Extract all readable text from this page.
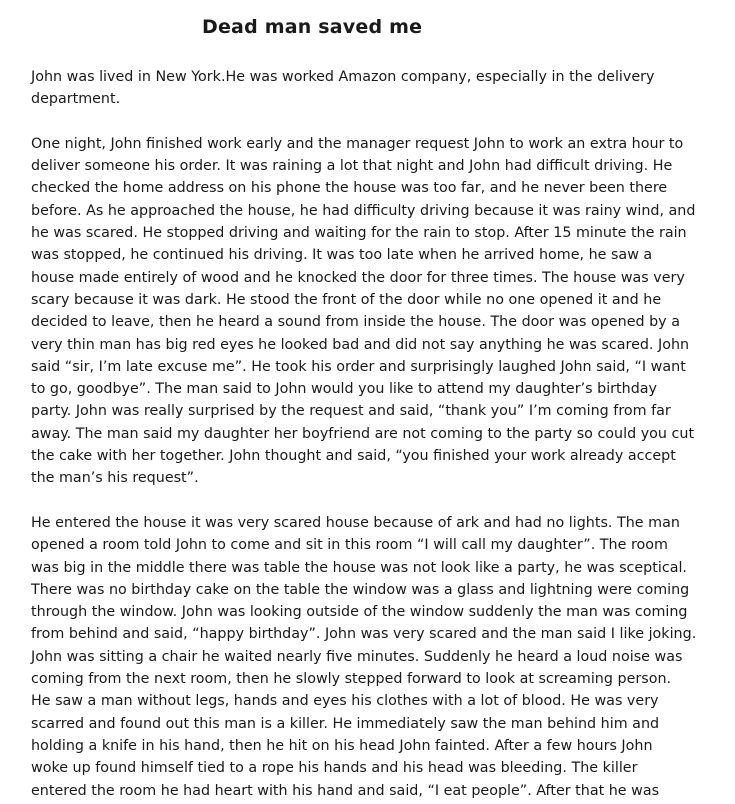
Dead man saved me
John was lived in New York.He was worked Amazon company, especially in the delivery
department.
One night, John finished work early and the manager request John to work an extra hour to
deliver someone his order. It was raining a lot that night and John had difficult driving. He
checked the home address on his phone the house was too far, and he never been there
before. As he approached the house, he had difficulty driving because it was rainy wind, and
he was scared. He stopped driving and waiting for the rain to stop. After 15 minute the rain
was stopped, he continued his driving. It was too late when he arrived home, he saw a
house made entirely of wood and he knocked the door for three times. The house was very
scary because it was dark. He stood the front of the door while no one opened it and he
decided to leave, then he heard a sound from inside the house. The door was opened by a
very thin man has big red eyes he looked bad and did not say anything he was scared. John
said “sir, I’m late excuse me”. He took his order and surprisingly laughed John said, “I want
to go, goodbye”. The man said to John would you like to attend my daughter’s birthday
party. John was really surprised by the request and said, “thank you” I’m coming from far
away. The man said my daughter her boyfriend are not coming to the party so could you cut
the cake with her together. John thought and said, “you finished your work already accept
the man’s his request”.
He entered the house it was very scared house because of ark and had no lights. The man
opened a room told John to come and sit in this room “I will call my daughter”. The room
was big in the middle there was table the house was not look like a party, he was sceptical.
There was no birthday cake on the table the window was a glass and lightning were coming
through the window. John was looking outside of the window suddenly the man was coming
from behind and said, “happy birthday”. John was very scared and the man said I like joking.
John was sitting a chair he waited nearly five minutes. Suddenly he heard a loud noise was
coming from the next room, then he slowly stepped forward to look at screaming person.
He saw a man without legs, hands and eyes his clothes with a lot of blood. He was very
scarred and found out this man is a killer. He immediately saw the man behind him and
holding a knife in his hand, then he hit on his head John fainted. After a few hours John
woke up found himself tied to a rope his hands and his head was bleeding. The killer
entered the room he had heart with his hand and said, “I eat people”. After that he was
